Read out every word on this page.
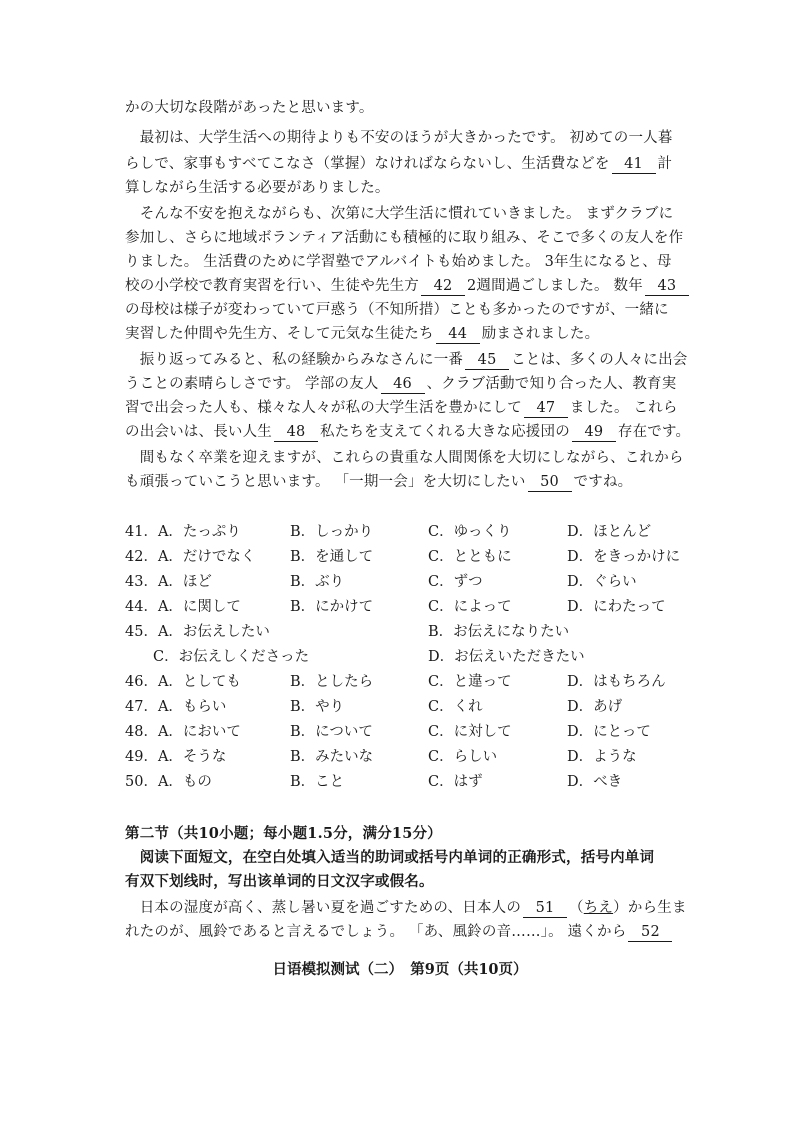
かの大切な段階があったと思います。
 最初は、大学生活への期待よりも不安のほうが大きかったです。 初めての一人暮
らしで、家事もすべてこなさ（掌握）なければならないし、生活費などを 41 計
算しながら生活する必要がありました。
 そんな不安を抱えながらも、次第に大学生活に慣れていきました。 まずクラブに
参加し、さらに地域ボランティア活動にも積極的に取り組み、そこで多くの友人を作
りました。 生活費のために学習塾でアルバイトも始めました。 3年生になると、母
校の小学校で教育実習を行い、生徒や先生方 42 2週間過ごしました。 数年 43
の母校は様子が変わっていて戸惑う（不知所措）ことも多かったのですが、一緒に
実習した仲間や先生方、そして元気な生徒たち 44 励まされました。
 振り返ってみると、私の経験からみなさんに一番 45 ことは、多くの人々に出会
うことの素晴らしさです。 学部の友人 46 、クラブ活動で知り合った人、教育実
習で出会った人も、様々な人々が私の大学生活を豊かにして 47 ました。 これら
の出会いは、長い人生 48 私たちを支えてくれる大きな応援団の 49 存在です。
 間もなく卒業を迎えますが、これらの貴重な人間関係を大切にしながら、これから
も頑張っていこうと思います。 「一期一会」を大切にしたい 50 ですね。
41．A．たっぷり	B．しっかり	C．ゆっくり	D．ほとんど
42．A．だけでなく B．を通して	C．とともに	D．をきっかけに
43．A．ほど	B．ぶり	C．ずつ	D．ぐらい
44．A．に関して	B．にかけて	C．によって	D．にわたって
45．A．お伝えしたい	B．お伝えになりたい
C．お伝えしくださった	D．お伝えいただきたい
46．A．としても	B．としたら	C．と違って	D．はもちろん
47．A．もらい	B．やり	C．くれ	D．あげ
48．A．において	B．について	C．に対して	D．にとって
49．A．そうな	B．みたいな	C．らしい	D．ような
50．A．もの	B．こと	C．はず	D．べき
第二节（共10小题；每小题1.5分，满分15分）
 阅读下面短文，在空白处填入适当的助词或括号内单词的正确形式，括号内单词
有双下划线时，写出该单词的日文汉字或假名。
 日本の湿度が高く、蒸し暑い夏を過ごすための、日本人の 51 （ちえ）から生ま
れたのが、風鈴であると言えるでしょう。 「あ、風鈴の音……」。 遠くから 52
日语模拟测试（二）　第9页（共10页）
